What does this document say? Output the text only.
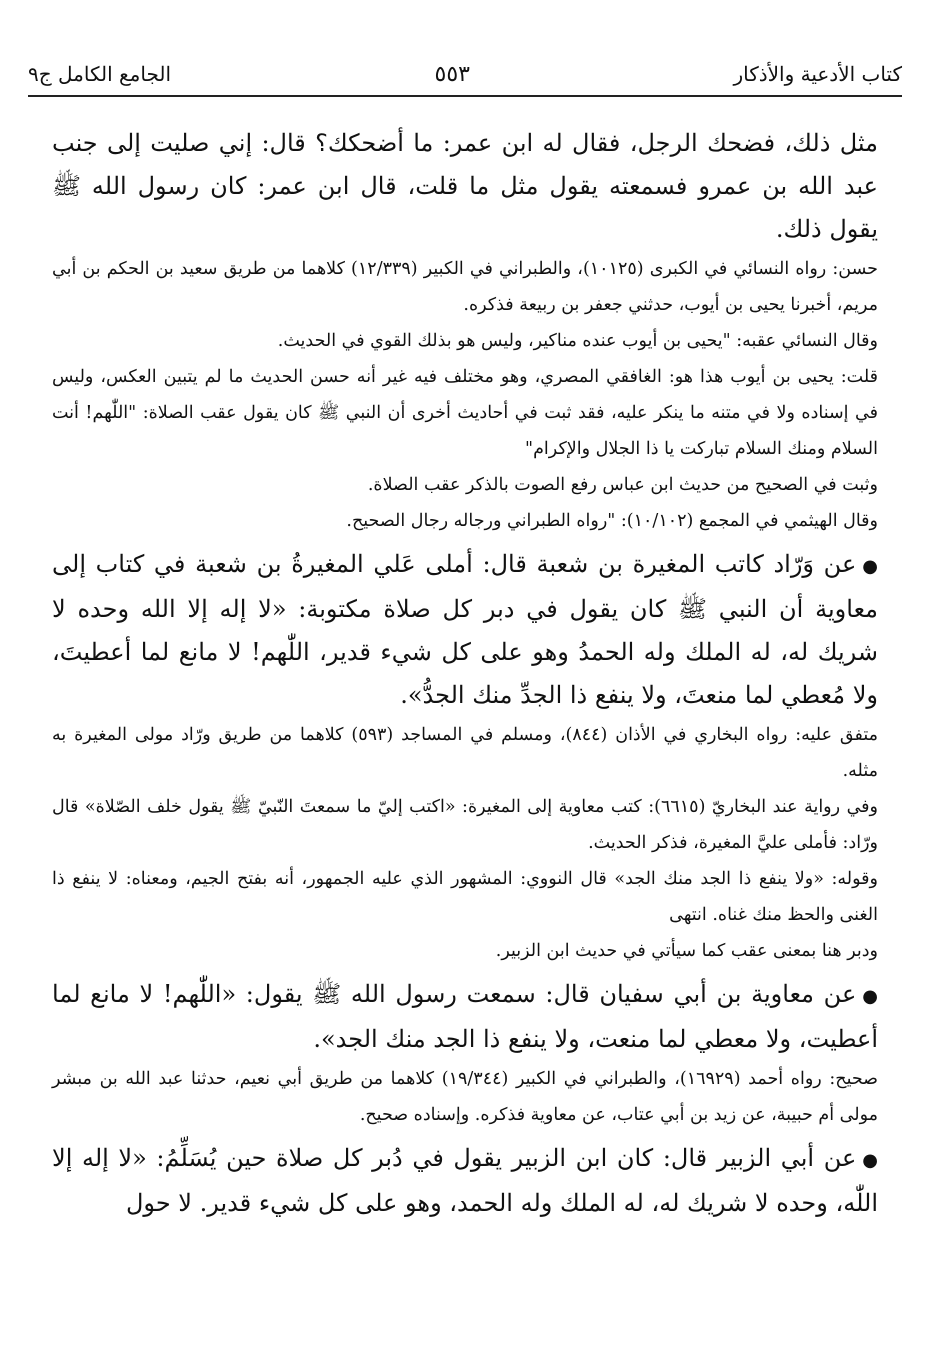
كتاب الأدعية والأذكار
٥٥٣
الجامع الكامل ج٩

مثل ذلك، فضحك الرجل، فقال له ابن عمر: ما أضحكك؟ قال: إني صليت إلى جنب عبد الله بن عمرو فسمعته يقول مثل ما قلت، قال ابن عمر: كان رسول الله ﷺ يقول ذلك.

حسن: رواه النسائي في الكبرى (١٠١٢٥)، والطبراني في الكبير (١٢/٣٣٩) كلاهما من طريق سعيد بن الحكم بن أبي مريم، أخبرنا يحيى بن أيوب، حدثني جعفر بن ربيعة فذكره.

وقال النسائي عقبه: "يحيى بن أيوب عنده مناكير، وليس هو بذلك القوي في الحديث.

قلت: يحيى بن أيوب هذا هو: الغافقي المصري، وهو مختلف فيه غير أنه حسن الحديث ما لم يتبين العكس، وليس في إسناده ولا في متنه ما ينكر عليه، فقد ثبت في أحاديث أخرى أن النبي ﷺ كان يقول عقب الصلاة: "اللّٰهم! أنت السلام ومنك السلام تباركت يا ذا الجلال والإكرام"

وثبت في الصحيح من حديث ابن عباس رفع الصوت بالذكر عقب الصلاة.

وقال الهيثمي في المجمع (١٠/١٠٢): "رواه الطبراني ورجاله رجال الصحيح.

●عن وَرّاد كاتب المغيرة بن شعبة قال: أملى عَلي المغيرةُ بن شعبة في كتاب إلى معاوية أن النبي ﷺ كان يقول في دبر كل صلاة مكتوبة: «لا إله إلا الله وحده لا شريك له، له الملك وله الحمدُ وهو على كل شيء قدير، اللّٰهم! لا مانع لما أعطيتَ، ولا مُعطي لما منعتَ، ولا ينفع ذا الجدِّ منك الجدُّ».

متفق عليه: رواه البخاري في الأذان (٨٤٤)، ومسلم في المساجد (٥٩٣) كلاهما من طريق ورّاد مولى المغيرة به مثله.

وفي رواية عند البخاريّ (٦٦١٥): كتب معاوية إلى المغيرة: «اكتب إليّ ما سمعتَ النّبيّ ﷺ يقول خلف الصّلاة» قال ورّاد: فأملى عليَّ المغيرة، فذكر الحديث.

وقوله: «ولا ينفع ذا الجد منك الجد» قال النووي: المشهور الذي عليه الجمهور، أنه بفتح الجيم، ومعناه: لا ينفع ذا الغنى والحظ منك غناه. انتهى

ودبر هنا بمعنى عقب كما سيأتي في حديث ابن الزبير.

●عن معاوية بن أبي سفيان قال: سمعت رسول الله ﷺ يقول: «اللّٰهم! لا مانع لما أعطيت، ولا معطي لما منعت، ولا ينفع ذا الجد منك الجد».

صحيح: رواه أحمد (١٦٩٢٩)، والطبراني في الكبير (١٩/٣٤٤) كلاهما من طريق أبي نعيم، حدثنا عبد الله بن مبشر مولى أم حبيبة، عن زيد بن أبي عتاب، عن معاوية فذكره. وإسناده صحيح.

●عن أبي الزبير قال: كان ابن الزبير يقول في دُبر كل صلاة حين يُسَلِّمُ: «لا إله إلا اللّٰه، وحده لا شريك له، له الملك وله الحمد، وهو على كل شيء قدير. لا حول
